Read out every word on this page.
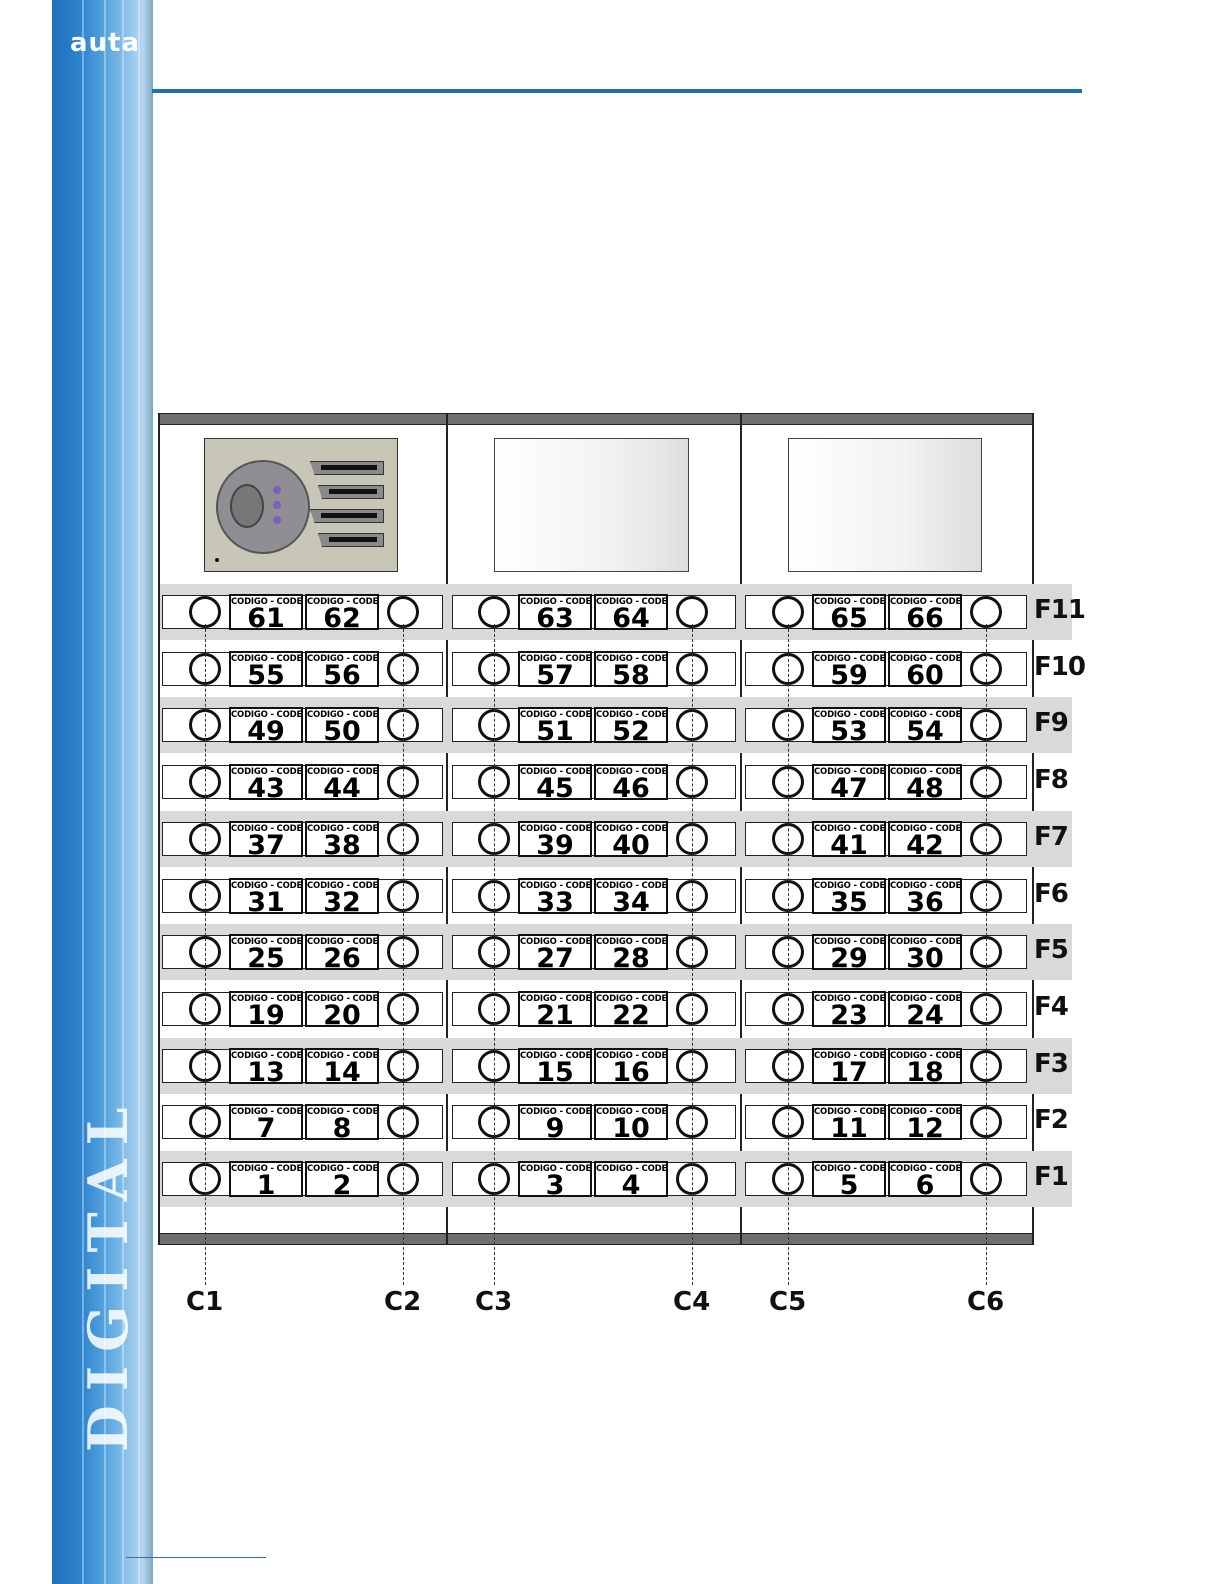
auta
DIGITAL
CODIGO - CODE
61
CODIGO - CODE
62
CODIGO - CODE
63
CODIGO - CODE
64
CODIGO - CODE
65
CODIGO - CODE
66	F11
CODIGO - CODE
55
CODIGO - CODE
56
CODIGO - CODE
57
CODIGO - CODE
58
CODIGO - CODE
59
CODIGO - CODE
60	F10
CODIGO - CODE
49
CODIGO - CODE
50
CODIGO - CODE
51
CODIGO - CODE
52
CODIGO - CODE
53
CODIGO - CODE
54	F9
CODIGO - CODE
43
CODIGO - CODE
44
CODIGO - CODE
45
CODIGO - CODE
46
CODIGO - CODE
47
CODIGO - CODE
48	F8
CODIGO - CODE
37
CODIGO - CODE
38
CODIGO - CODE
39
CODIGO - CODE
40
CODIGO - CODE
41
CODIGO - CODE
42	F7
CODIGO - CODE
31
CODIGO - CODE
32
CODIGO - CODE
33
CODIGO - CODE
34
CODIGO - CODE
35
CODIGO - CODE
36	F6
CODIGO - CODE
25
CODIGO - CODE
26
CODIGO - CODE
27
CODIGO - CODE
28
CODIGO - CODE
29
CODIGO - CODE
30	F5
CODIGO - CODE
19
CODIGO - CODE
20
CODIGO - CODE
21
CODIGO - CODE
22
CODIGO - CODE
23
CODIGO - CODE
24	F4
CODIGO - CODE
13
CODIGO - CODE
14
CODIGO - CODE
15
CODIGO - CODE
16
CODIGO - CODE
17
CODIGO - CODE
18	F3
CODIGO - CODE
7
CODIGO - CODE
8
CODIGO - CODE
9
CODIGO - CODE
10
CODIGO - CODE
11
CODIGO - CODE
12	F2
CODIGO - CODE
1
CODIGO - CODE
2
CODIGO - CODE
3
CODIGO - CODE
4
CODIGO - CODE
5
CODIGO - CODE
6	F1
C1	C2 C3	C4 C5	C6
